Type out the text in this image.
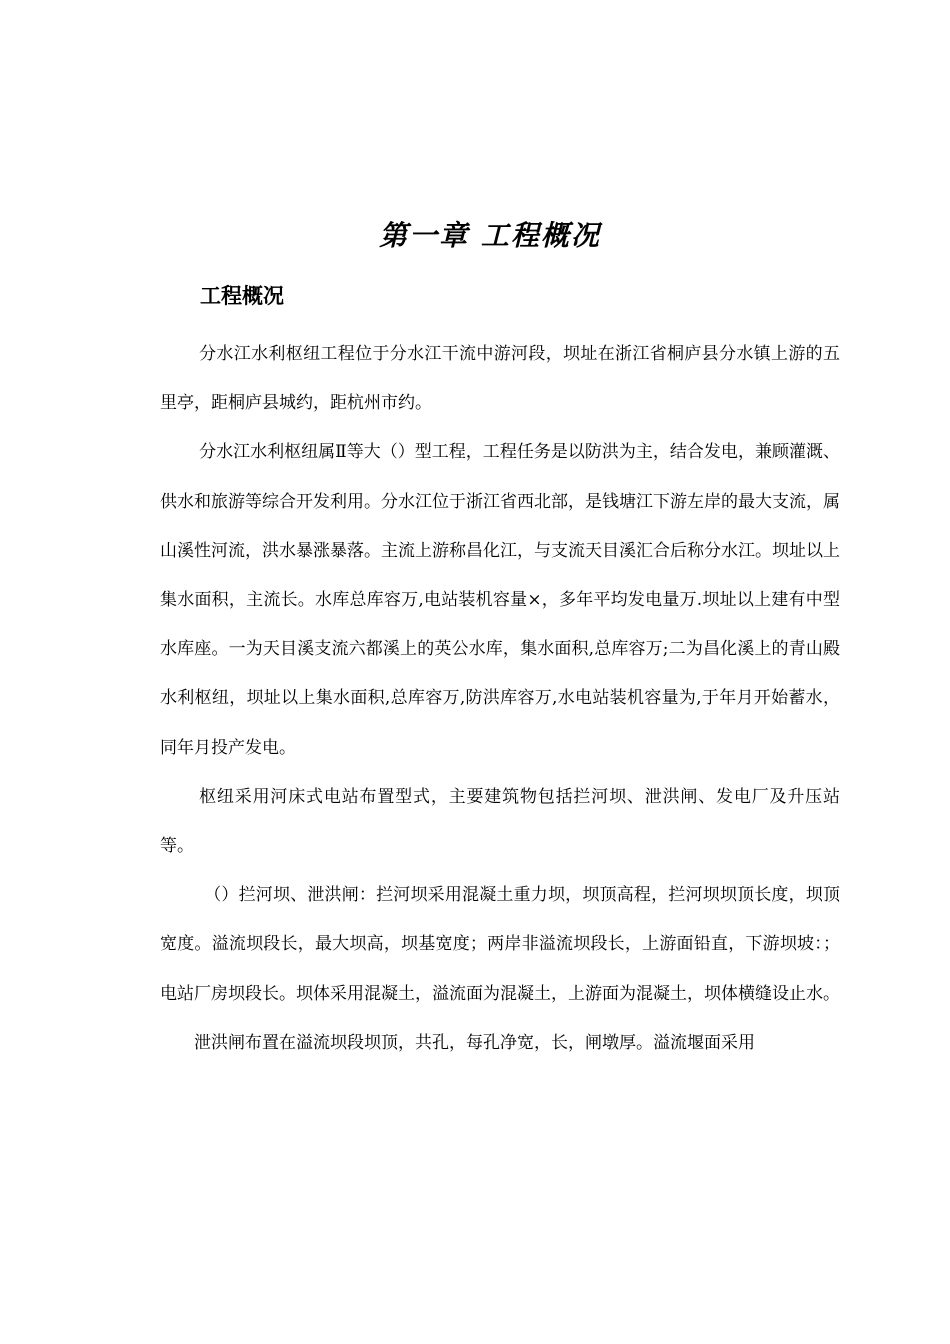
第一章 工程概况
工程概况

分水江水利枢纽工程位于分水江干流中游河段，坝址在浙江省桐庐县分水镇上游的五里亭，距桐庐县城约，距杭州市约。

分水江水利枢纽属Ⅱ等大（）型工程，工程任务是以防洪为主，结合发电，兼顾灌溉、供水和旅游等综合开发利用。分水江位于浙江省西北部，是钱塘江下游左岸的最大支流，属山溪性河流，洪水暴涨暴落。主流上游称昌化江，与支流天目溪汇合后称分水江。坝址以上集水面积，主流长。水库总库容万,电站装机容量×，多年平均发电量万.坝址以上建有中型水库座。一为天目溪支流六都溪上的英公水库，集水面积,总库容万;二为昌化溪上的青山殿水利枢纽，坝址以上集水面积,总库容万,防洪库容万,水电站装机容量为,于年月开始蓄水，同年月投产发电。

枢纽采用河床式电站布置型式，主要建筑物包括拦河坝、泄洪闸、发电厂及升压站等。

（）拦河坝、泄洪闸：拦河坝采用混凝土重力坝，坝顶高程，拦河坝坝顶长度，坝顶宽度。溢流坝段长，最大坝高，坝基宽度；两岸非溢流坝段长，上游面铅直，下游坝坡：；电站厂房坝段长。坝体采用混凝土，溢流面为混凝土，上游面为混凝土，坝体横缝设止水。

泄洪闸布置在溢流坝段坝顶，共孔，每孔净宽，长，闸墩厚。溢流堰面采用
